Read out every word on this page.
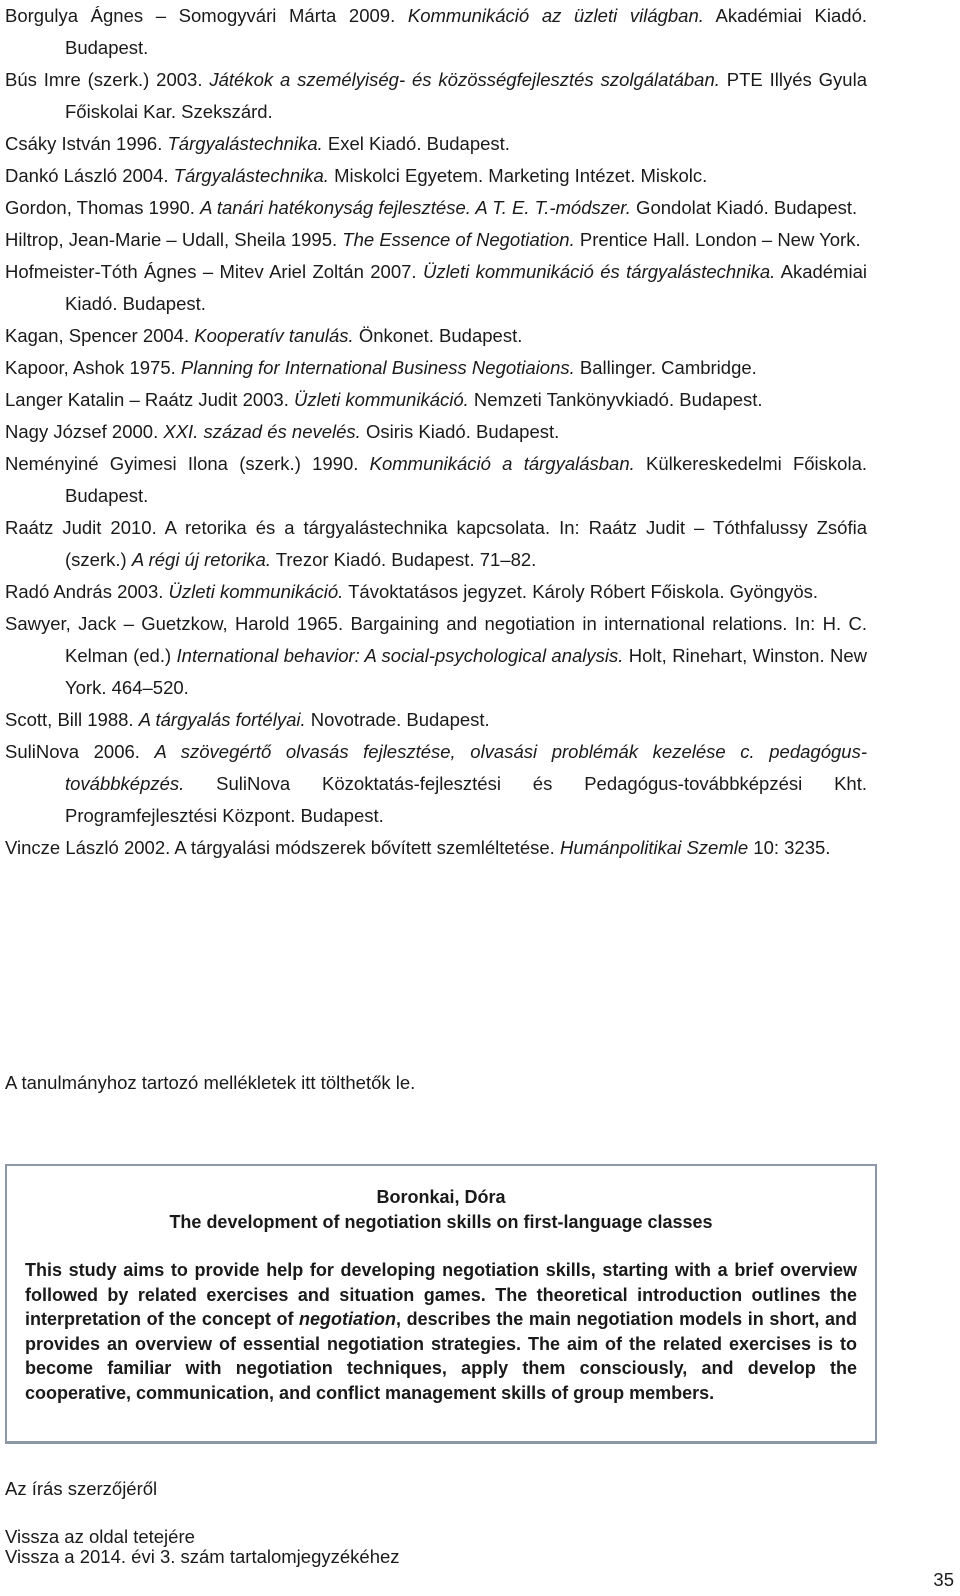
Borgulya Ágnes – Somogyvári Márta 2009. Kommunikáció az üzleti világban. Akadémiai Kiadó. Budapest.

Bús Imre (szerk.) 2003. Játékok a személyiség- és közösségfejlesztés szolgálatában. PTE Illyés Gyula Főiskolai Kar. Szekszárd.

Csáky István 1996. Tárgyalástechnika. Exel Kiadó. Budapest.

Dankó László 2004. Tárgyalástechnika. Miskolci Egyetem. Marketing Intézet. Miskolc.

Gordon, Thomas 1990. A tanári hatékonyság fejlesztése. A T. E. T.-módszer. Gondolat Kiadó. Budapest.

Hiltrop, Jean-Marie – Udall, Sheila 1995. The Essence of Negotiation. Prentice Hall. London – New York.

Hofmeister-Tóth Ágnes – Mitev Ariel Zoltán 2007. Üzleti kommunikáció és tárgyalástechnika. Akadémiai Kiadó. Budapest.

Kagan, Spencer 2004. Kooperatív tanulás. Önkonet. Budapest.

Kapoor, Ashok 1975. Planning for International Business Negotiaions. Ballinger. Cambridge.

Langer Katalin – Raátz Judit 2003. Üzleti kommunikáció. Nemzeti Tankönyvkiadó. Budapest.

Nagy József 2000. XXI. század és nevelés. Osiris Kiadó. Budapest.

Neményiné Gyimesi Ilona (szerk.) 1990. Kommunikáció a tárgyalásban. Külkereskedelmi Főiskola. Budapest.

Raátz Judit 2010. A retorika és a tárgyalástechnika kapcsolata. In: Raátz Judit – Tóthfalussy Zsófia (szerk.) A régi új retorika. Trezor Kiadó. Budapest. 71–82.

Radó András 2003. Üzleti kommunikáció. Távoktatásos jegyzet. Károly Róbert Főiskola. Gyöngyös.

Sawyer, Jack – Guetzkow, Harold 1965. Bargaining and negotiation in international relations. In: H. C. Kelman (ed.) International behavior: A social-psychological analysis. Holt, Rinehart, Winston. New York. 464–520.

Scott, Bill 1988. A tárgyalás fortélyai. Novotrade. Budapest.

SuliNova 2006. A szövegértő olvasás fejlesztése, olvasási problémák kezelése c. pedagógus-továbbképzés. SuliNova Közoktatás-fejlesztési és Pedagógus-továbbképzési Kht. Programfejlesztési Központ. Budapest.

Vincze László 2002. A tárgyalási módszerek bővített szemléltetése. Humánpolitikai Szemle 10: 3235.

A tanulmányhoz tartozó mellékletek itt tölthetők le.

Boronkai, Dóra

The development of negotiation skills on first-language classes

This study aims to provide help for developing negotiation skills, starting with a brief overview followed by related exercises and situation games. The theoretical introduction outlines the interpretation of the concept of negotiation, describes the main negotiation models in short, and provides an overview of essential negotiation strategies. The aim of the related exercises is to become familiar with negotiation techniques, apply them consciously, and develop the cooperative, communication, and conflict management skills of group members.

Az írás szerzőjéről
Vissza az oldal tetejére
Vissza a 2014. évi 3. szám tartalomjegyzékéhez
35
